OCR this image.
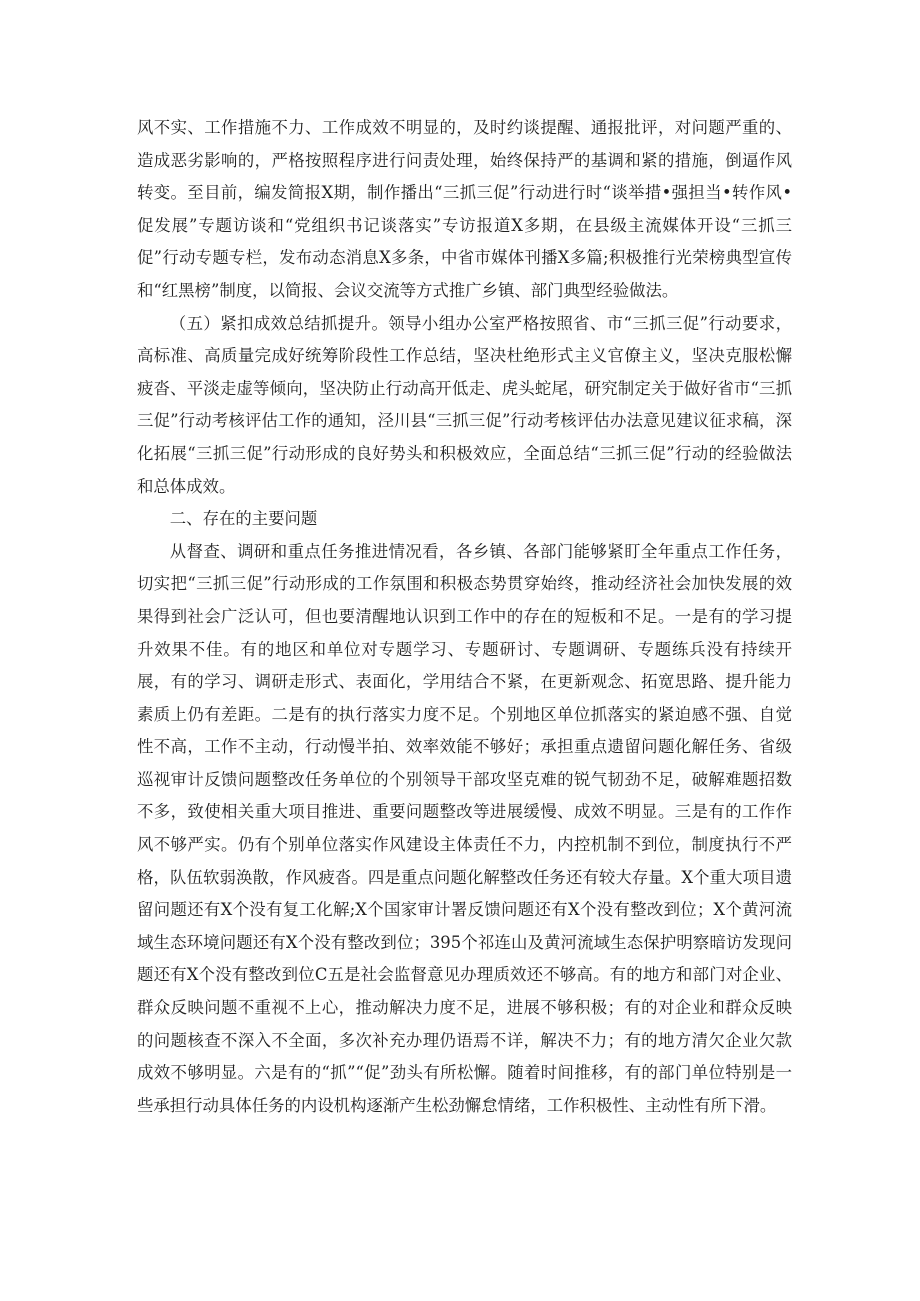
风不实、工作措施不力、工作成效不明显的，及时约谈提醒、通报批评，对问题严重的、造成恶劣影响的，严格按照程序进行问责处理，始终保持严的基调和紧的措施，倒逼作风转变。至目前，编发简报X期，制作播出“三抓三促”行动进行时“谈举措•强担当•转作风•促发展”专题访谈和“党组织书记谈落实”专访报道X多期，在县级主流媒体开设“三抓三促”行动专题专栏，发布动态消息X多条，中省市媒体刊播X多篇;积极推行光荣榜典型宣传和“红黑榜”制度，以简报、会议交流等方式推广乡镇、部门典型经验做法。

（五）紧扣成效总结抓提升。领导小组办公室严格按照省、市“三抓三促”行动要求，高标准、高质量完成好统筹阶段性工作总结，坚决杜绝形式主义官僚主义，坚决克服松懈疲沓、平淡走虚等倾向，坚决防止行动高开低走、虎头蛇尾，研究制定关于做好省市“三抓三促”行动考核评估工作的通知，泾川县“三抓三促”行动考核评估办法意见建议征求稿，深化拓展“三抓三促”行动形成的良好势头和积极效应，全面总结“三抓三促”行动的经验做法和总体成效。

二、存在的主要问题

从督查、调研和重点任务推进情况看，各乡镇、各部门能够紧盯全年重点工作任务，切实把“三抓三促”行动形成的工作氛围和积极态势贯穿始终，推动经济社会加快发展的效果得到社会广泛认可，但也要清醒地认识到工作中的存在的短板和不足。一是有的学习提升效果不佳。有的地区和单位对专题学习、专题研讨、专题调研、专题练兵没有持续开展，有的学习、调研走形式、表面化，学用结合不紧，在更新观念、拓宽思路、提升能力素质上仍有差距。二是有的执行落实力度不足。个别地区单位抓落实的紧迫感不强、自觉性不高，工作不主动，行动慢半拍、效率效能不够好；承担重点遗留问题化解任务、省级巡视审计反馈问题整改任务单位的个别领导干部攻坚克难的锐气韧劲不足，破解难题招数不多，致使相关重大项目推进、重要问题整改等进展缓慢、成效不明显。三是有的工作作风不够严实。仍有个别单位落实作风建设主体责任不力，内控机制不到位，制度执行不严格，队伍软弱涣散，作风疲沓。四是重点问题化解整改任务还有较大存量。X个重大项目遗留问题还有X个没有复工化解;X个国家审计署反馈问题还有X个没有整改到位；X个黄河流域生态环境问题还有X个没有整改到位；395个祁连山及黄河流域生态保护明察暗访发现问题还有X个没有整改到位C五是社会监督意见办理质效还不够高。有的地方和部门对企业、群众反映问题不重视不上心，推动解决力度不足，进展不够积极；有的对企业和群众反映的问题核查不深入不全面，多次补充办理仍语焉不详，解决不力；有的地方清欠企业欠款成效不够明显。六是有的“抓”“促”劲头有所松懈。随着时间推移，有的部门单位特别是一些承担行动具体任务的内设机构逐渐产生松劲懈怠情绪，工作积极性、主动性有所下滑。
